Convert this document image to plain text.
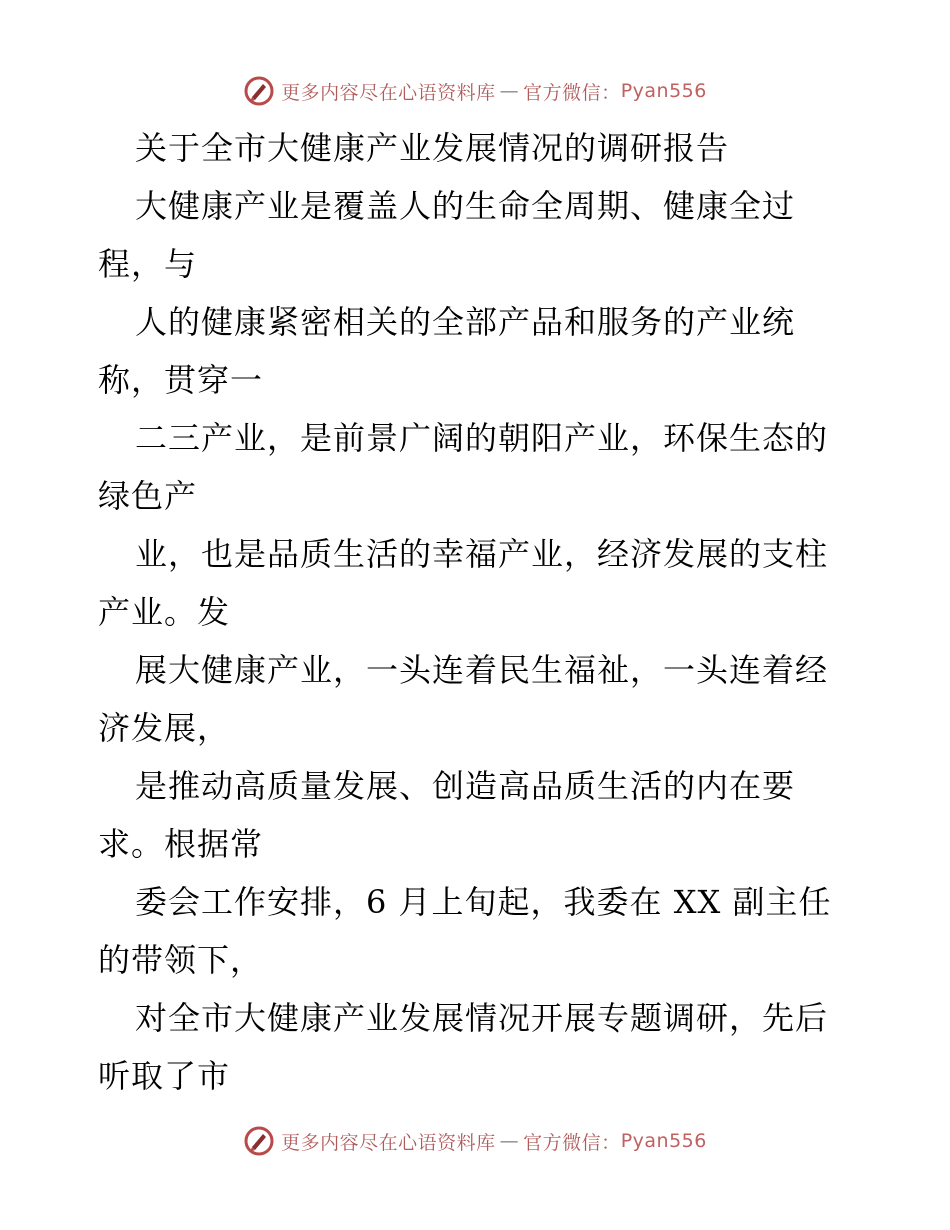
更多内容尽在心语资料库 — 官方微信： Pyan556
关于全市大健康产业发展情况的调研报告
大健康产业是覆盖人的生命全周期、健康全过
程，与
人的健康紧密相关的全部产品和服务的产业统
称，贯穿一
二三产业，是前景广阔的朝阳产业，环保生态的
绿色产
业，也是品质生活的幸福产业，经济发展的支柱
产业。发
展大健康产业，一头连着民生福祉，一头连着经
济发展，
是推动高质量发展、创造高品质生活的内在要
求。根据常
委会工作安排，6 月上旬起，我委在 XX 副主任
的带领下，
对全市大健康产业发展情况开展专题调研，先后
听取了市
更多内容尽在心语资料库 — 官方微信： Pyan556
